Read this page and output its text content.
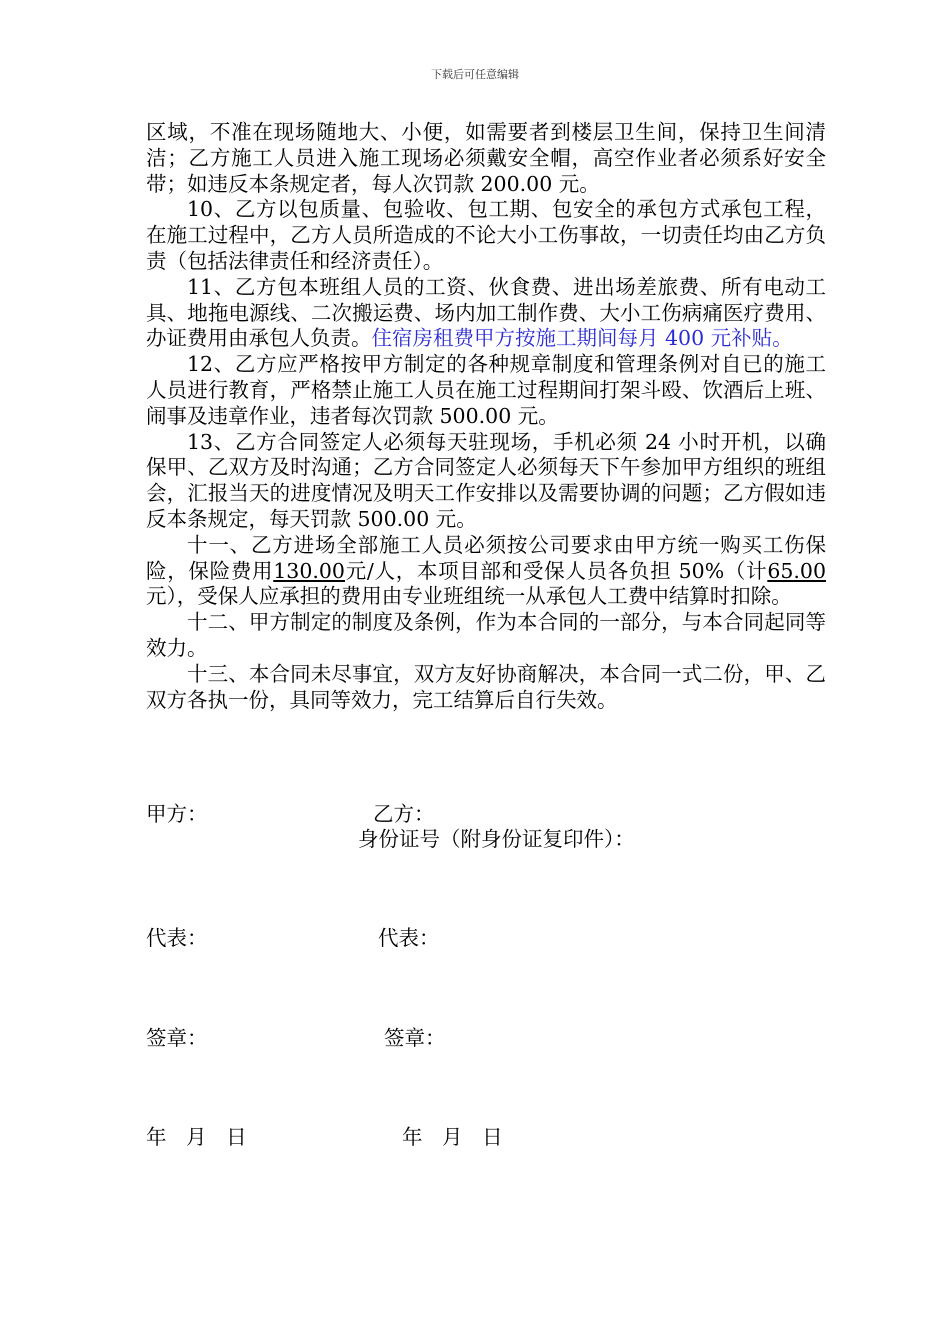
下载后可任意编辑

区域，不准在现场随地大、小便，如需要者到楼层卫生间，保持卫生间清洁；乙方施工人员进入施工现场必须戴安全帽，高空作业者必须系好安全带；如违反本条规定者，每人次罚款 200.00 元。

10、乙方以包质量、包验收、包工期、包安全的承包方式承包工程，在施工过程中，乙方人员所造成的不论大小工伤事故，一切责任均由乙方负责（包括法律责任和经济责任）。

11、乙方包本班组人员的工资、伙食费、进出场差旅费、所有电动工具、地拖电源线、二次搬运费、场内加工制作费、大小工伤病痛医疗费用、办证费用由承包人负责。住宿房租费甲方按施工期间每月 400 元补贴。

12、乙方应严格按甲方制定的各种规章制度和管理条例对自已的施工人员进行教育，严格禁止施工人员在施工过程期间打架斗殴、饮酒后上班、闹事及违章作业，违者每次罚款 500.00 元。

13、乙方合同签定人必须每天驻现场，手机必须 24 小时开机，以确保甲、乙双方及时沟通；乙方合同签定人必须每天下午参加甲方组织的班组会，汇报当天的进度情况及明天工作安排以及需要协调的问题；乙方假如违反本条规定，每天罚款 500.00 元。

十一、乙方进场全部施工人员必须按公司要求由甲方统一购买工伤保险，保险费用130.00元/人，本项目部和受保人员各负担 50%（计65.00元），受保人应承担的费用由专业班组统一从承包人工费中结算时扣除。

十二、甲方制定的制度及条例，作为本合同的一部分，与本合同起同等效力。

十三、本合同未尽事宜，双方友好协商解决，本合同一式二份，甲、乙双方各执一份，具同等效力，完工结算后自行失效。

甲方：	乙方：
身份证号（附身份证复印件）：
代表：	代表：
签章：	签章：
年   月   日	年   月   日
